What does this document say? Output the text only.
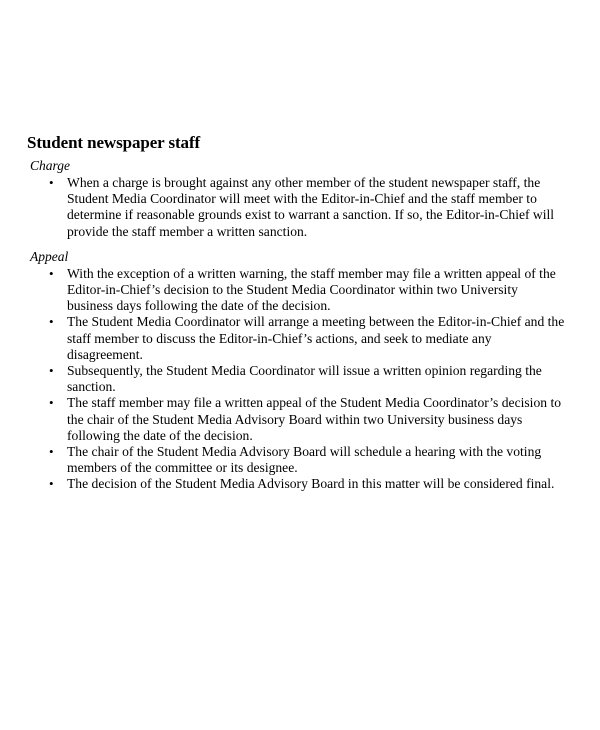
Student newspaper staff
Charge
• When a charge is brought against any other member of the student newspaper staff, the Student Media Coordinator will meet with the Editor-in-Chief and the staff member to determine if reasonable grounds exist to warrant a sanction. If so, the Editor-in-Chief will provide the staff member a written sanction.
Appeal
• With the exception of a written warning, the staff member may file a written appeal of the Editor-in-Chief’s decision to the Student Media Coordinator within two University business days following the date of the decision.
• The Student Media Coordinator will arrange a meeting between the Editor-in-Chief and the staff member to discuss the Editor-in-Chief’s actions, and seek to mediate any disagreement.
• Subsequently, the Student Media Coordinator will issue a written opinion regarding the sanction.
• The staff member may file a written appeal of the Student Media Coordinator’s decision to the chair of the Student Media Advisory Board within two University business days following the date of the decision.
• The chair of the Student Media Advisory Board will schedule a hearing with the voting members of the committee or its designee.
• The decision of the Student Media Advisory Board in this matter will be considered final.
